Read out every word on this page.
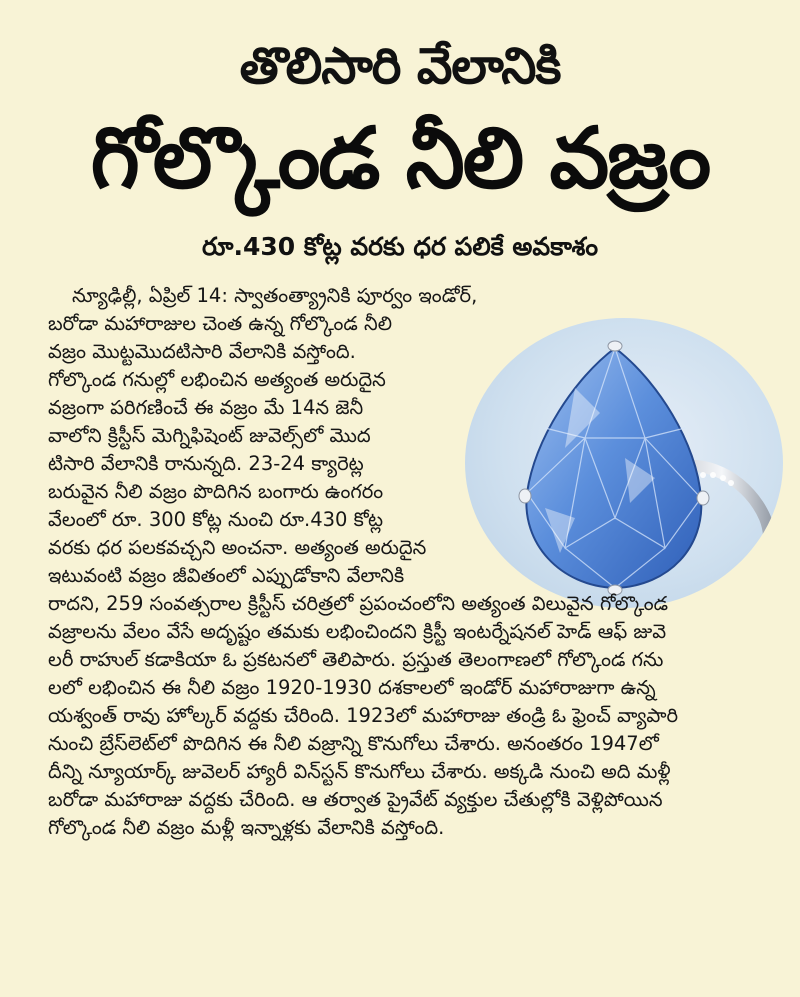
తొలిసారి వేలానికి
గోల్కొండ నీలి వజ్రం
రూ.430 కోట్ల వరకు ధర పలికే అవకాశం
న్యూఢిల్లీ, ఏప్రిల్ 14: స్వాతంత్య్రానికి పూర్వం ఇండోర్,
బరోడా మహారాజుల చెంత ఉన్న గోల్కొండ నీలి
వజ్రం మొట్టమొదటిసారి వేలానికి వస్తోంది.
గోల్కొండ గనుల్లో లభించిన అత్యంత అరుదైన
వజ్రంగా పరిగణించే ఈ వజ్రం మే 14న జెనీ
వాలోని క్రిస్టీస్ మెగ్నిఫిషెంట్ జువెల్స్‌లో మొద
టిసారి వేలానికి రానున్నది. 23-24 క్యారెట్ల
బరువైన నీలి వజ్రం పొదిగిన బంగారు ఉంగరం
వేలంలో రూ. 300 కోట్ల నుంచి రూ.430 కోట్ల
వరకు ధర పలకవచ్చని అంచనా. అత్యంత అరుదైన
ఇటువంటి వజ్రం జీవితంలో ఎప్పుడోకాని వేలానికి
రాదని, 259 సంవత్సరాల క్రిస్టీస్ చరిత్రలో ప్రపంచంలోని అత్యంత విలువైన గోల్కొండ
వజ్రాలను వేలం వేసే అదృష్టం తమకు లభించిందని క్రిస్టీ ఇంటర్నేషనల్ హెడ్ ఆఫ్ జువె
లరీ రాహుల్ కడాకియా ఓ ప్రకటనలో తెలిపారు. ప్రస్తుత తెలంగాణలో గోల్కొండ గను
లలో లభించిన ఈ నీలి వజ్రం 1920-1930 దశకాలలో ఇండోర్ మహారాజుగా ఉన్న
యశ్వంత్ రావు హోల్కర్ వద్దకు చేరింది. 1923లో మహారాజు తండ్రి ఓ ఫ్రెంచ్ వ్యాపారి
నుంచి బ్రేస్‌లెట్‌లో పొదిగిన ఈ నీలి వజ్రాన్ని కొనుగోలు చేశారు. అనంతరం 1947లో
దీన్ని న్యూయార్క్ జువెలర్ హ్యారీ విన్‌స్టన్ కొనుగోలు చేశారు. అక్కడి నుంచి అది మళ్లీ
బరోడా మహారాజు వద్దకు చేరింది. ఆ తర్వాత ప్రైవేట్ వ్యక్తుల చేతుల్లోకి వెళ్లిపోయిన
గోల్కొండ నీలి వజ్రం మళ్లీ ఇన్నాళ్లకు వేలానికి వస్తోంది.
